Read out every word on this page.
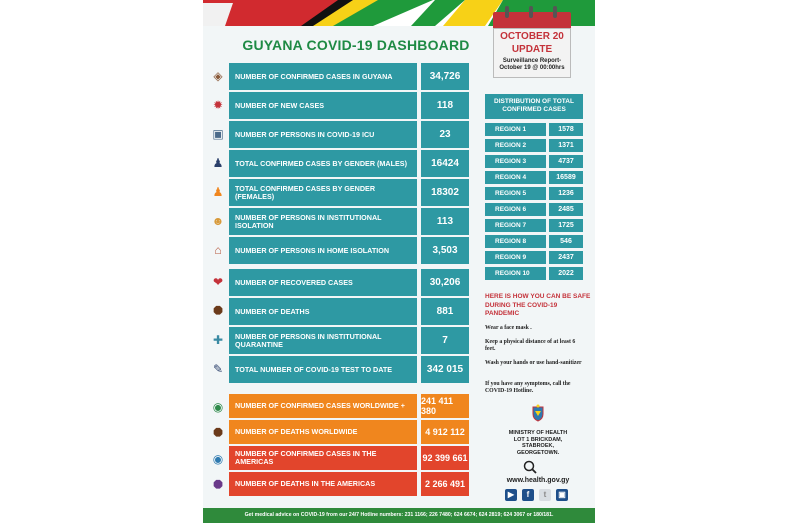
GUYANA COVID-19 DASHBOARD
OCTOBER 20
UPDATE
Surveillance Report-
October 19 @ 00:00hrs
◈	NUMBER OF CONFIRMED CASES IN GUYANA	34,726
✹	NUMBER OF NEW CASES	118
▣	NUMBER OF PERSONS IN COVID-19 ICU	23
♟	TOTAL CONFIRMED CASES BY GENDER (MALES)	16424
♟	TOTAL CONFIRMED CASES BY GENDER (FEMALES)	18302
☻	NUMBER OF PERSONS IN INSTITUTIONAL ISOLATION	113
⌂	NUMBER OF PERSONS IN HOME ISOLATION	3,503
❤	NUMBER OF RECOVERED CASES	30,206
⯃	NUMBER OF DEATHS	881
✚	NUMBER OF PERSONS IN INSTITUTIONAL QUARANTINE	7
✎	TOTAL NUMBER OF COVID-19 TEST TO DATE	342 015
◉	NUMBER OF CONFIRMED CASES WORLDWIDE +	241 411 380
⯃	NUMBER OF DEATHS WORLDWIDE	4 912 112
◉	NUMBER OF CONFIRMED CASES IN THE AMERICAS	92 399 661
⯃	NUMBER OF DEATHS IN THE AMERICAS	2 266 491
DISTRIBUTION OF TOTAL CONFIRMED CASES
REGION 1	1578
REGION 2	1371
REGION 3	4737
REGION 4	16589
REGION 5	1236
REGION 6	2485
REGION 7	1725
REGION 8	546
REGION 9	2437
REGION 10	2022
HERE IS HOW YOU CAN BE SAFE DURING THE COVID-19 PANDEMIC
Wear a face mask .
Keep a physical distance of at least 6 feet.
Wash your hands or use hand-sanitizer
If you have any symptoms, call the COVID-19 Hotline.
MINISTRY OF HEALTH
LOT 1 BRICKDAM,
STABROEK,
GEORGETOWN.
www.health.gov.gy
▶	f	t	▣
Get medical advice on COVID-19 from our 24/7 Hotline numbers: 231 1166; 226 7480; 624 6674; 624 2819; 624 3067 or 180/181.
